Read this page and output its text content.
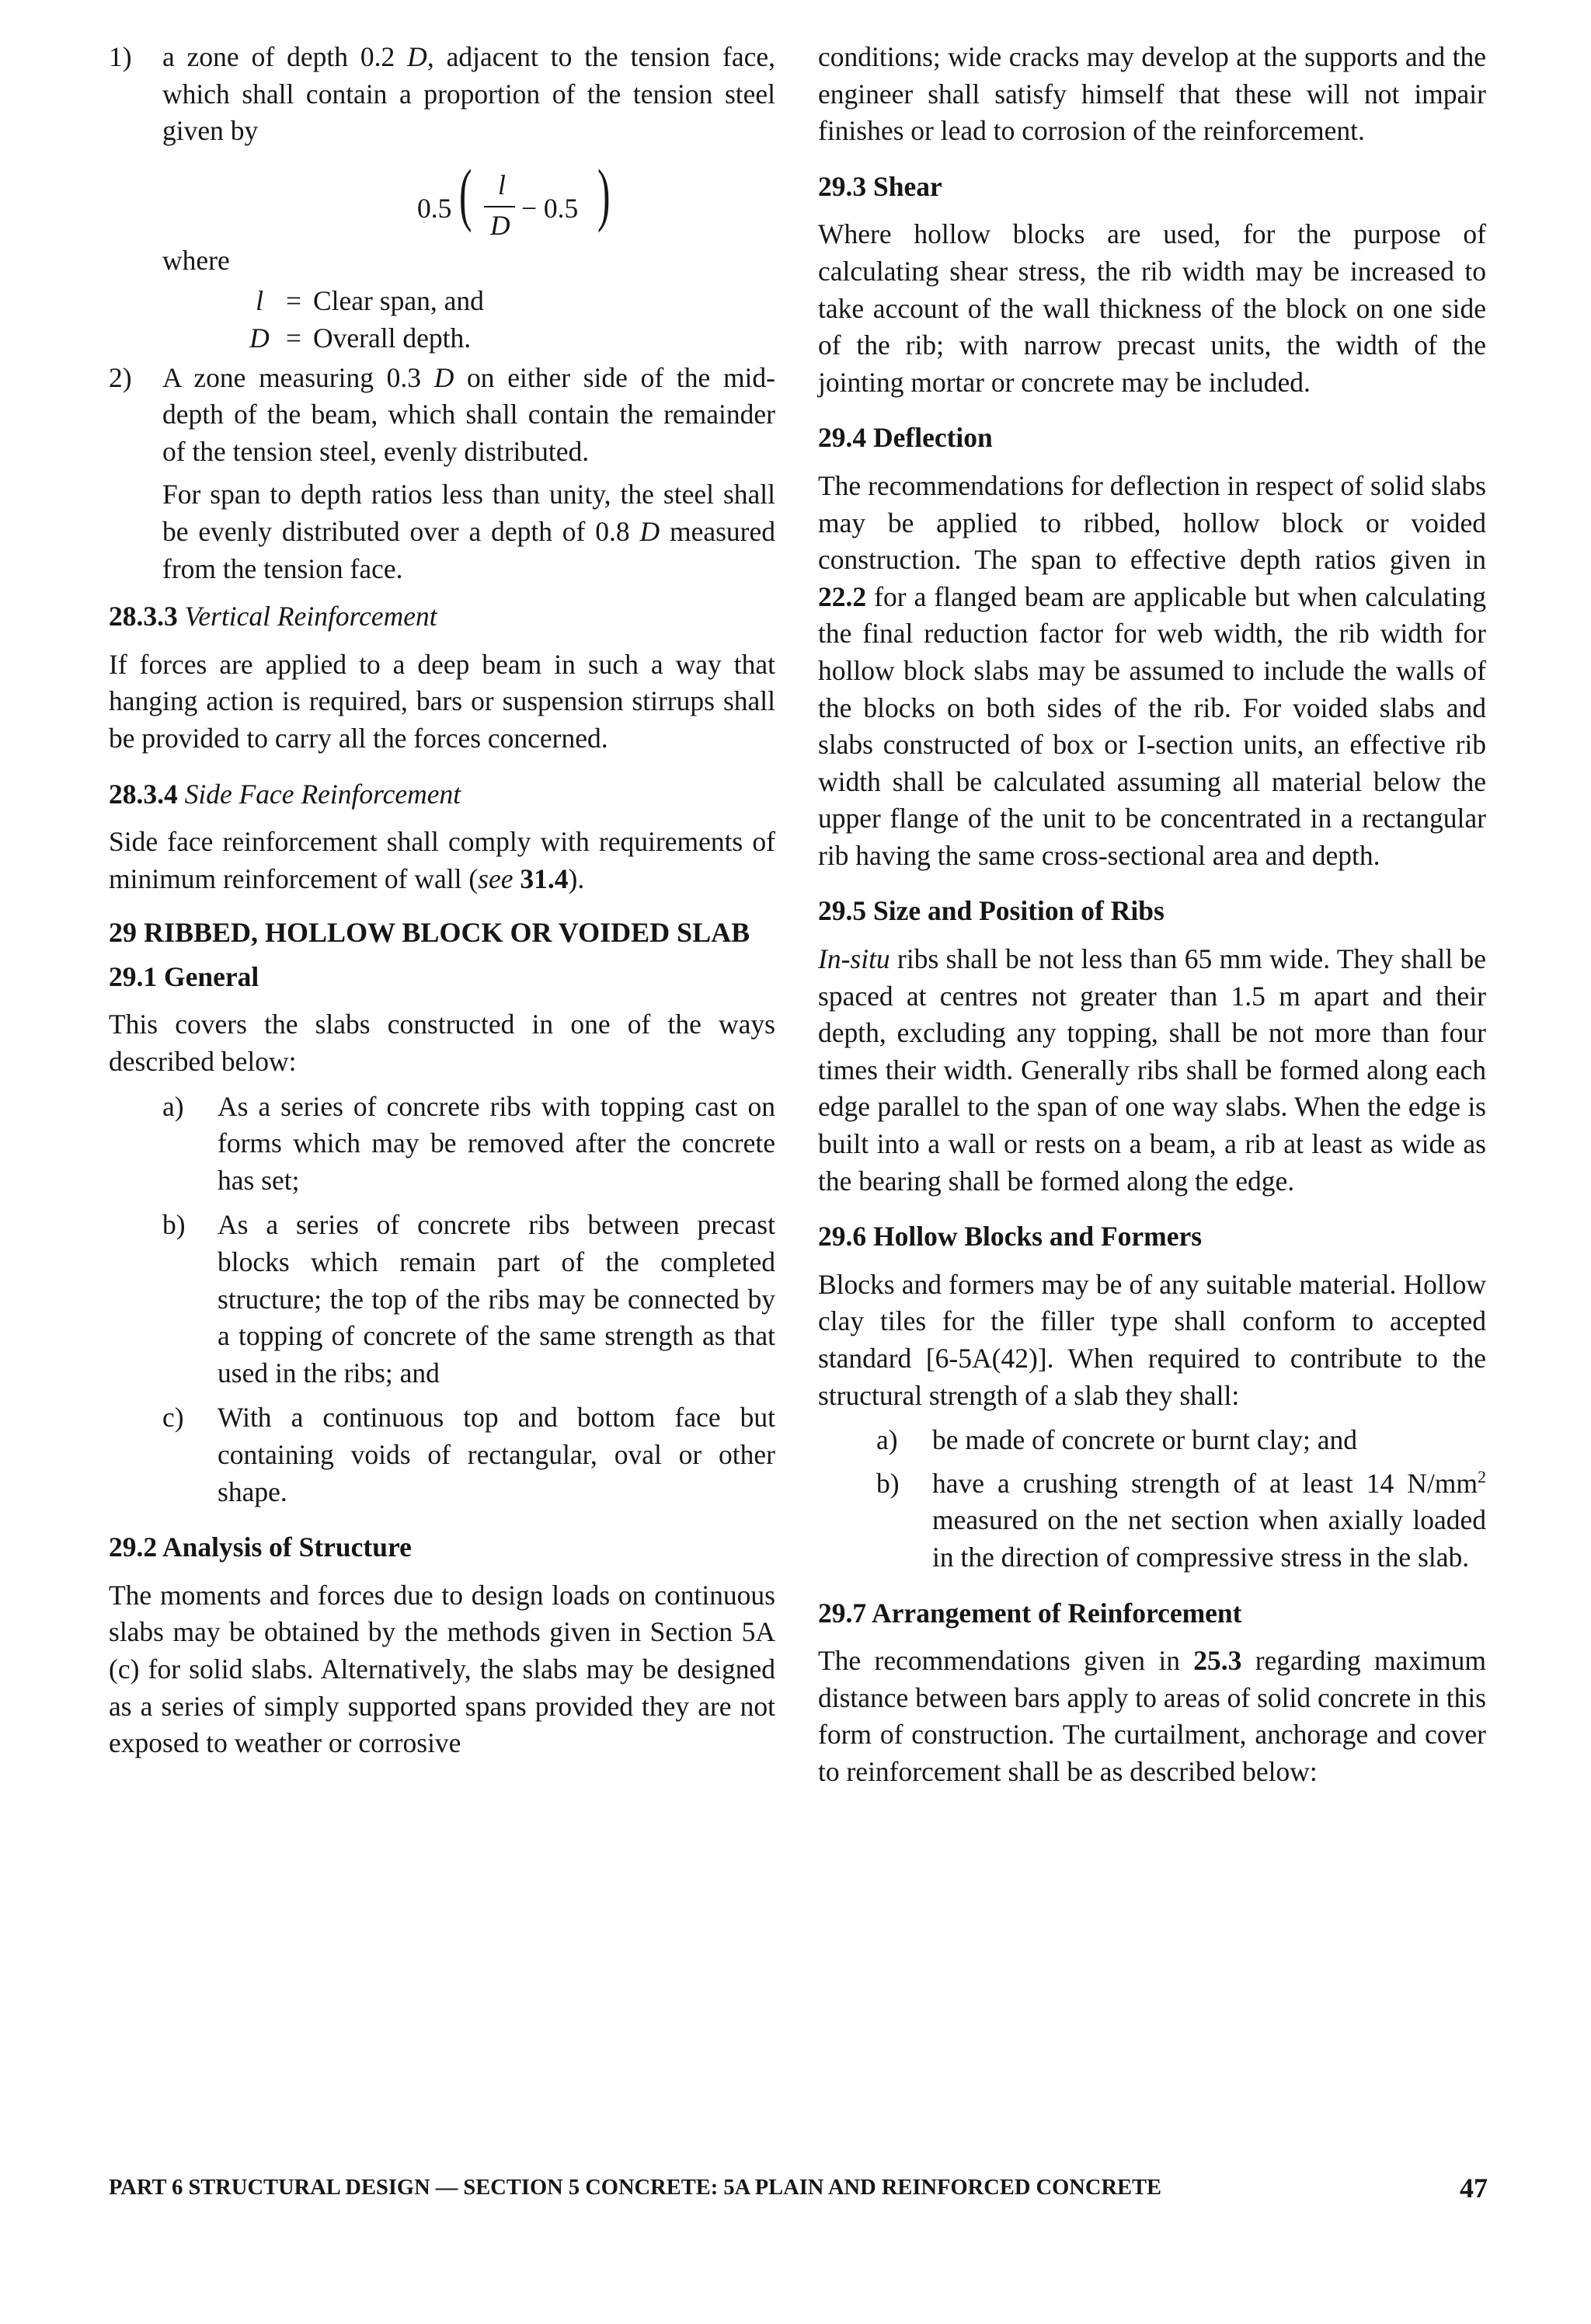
1) a zone of depth 0.2 D, adjacent to the tension face, which shall contain a proportion of the tension steel given by

0.5 ( l
D
− 0.5 )
where
l	=	Clear span, and
D	=	Overall depth.
2) A zone measuring 0.3 D on either side of the mid-depth of the beam, which shall contain the remainder of the tension steel, evenly distributed.

For span to depth ratios less than unity, the steel shall be evenly distributed over a depth of 0.8 D measured from the tension face.

28.3.3 Vertical Reinforcement

If forces are applied to a deep beam in such a way that hanging action is required, bars or suspension stirrups shall be provided to carry all the forces concerned.

28.3.4 Side Face Reinforcement

Side face reinforcement shall comply with requirements of minimum reinforcement of wall (see 31.4).

29 RIBBED, HOLLOW BLOCK OR VOIDED SLAB

29.1 General

This covers the slabs constructed in one of the ways described below:

a) As a series of concrete ribs with topping cast on forms which may be removed after the concrete has set;

b) As a series of concrete ribs between precast blocks which remain part of the completed structure; the top of the ribs may be connected by a topping of concrete of the same strength as that used in the ribs; and

c) With a continuous top and bottom face but containing voids of rectangular, oval or other shape.

29.2 Analysis of Structure

The moments and forces due to design loads on continuous slabs may be obtained by the methods given in Section 5A (c) for solid slabs. Alternatively, the slabs may be designed as a series of simply supported spans provided they are not exposed to weather or corrosive

conditions; wide cracks may develop at the supports and the engineer shall satisfy himself that these will not impair finishes or lead to corrosion of the reinforcement.

29.3 Shear

Where hollow blocks are used, for the purpose of calculating shear stress, the rib width may be increased to take account of the wall thickness of the block on one side of the rib; with narrow precast units, the width of the jointing mortar or concrete may be included.

29.4 Deflection

The recommendations for deflection in respect of solid slabs may be applied to ribbed, hollow block or voided construction. The span to effective depth ratios given in 22.2 for a flanged beam are applicable but when calculating the final reduction factor for web width, the rib width for hollow block slabs may be assumed to include the walls of the blocks on both sides of the rib. For voided slabs and slabs constructed of box or I-section units, an effective rib width shall be calculated assuming all material below the upper flange of the unit to be concentrated in a rectangular rib having the same cross-sectional area and depth.

29.5 Size and Position of Ribs

In-situ ribs shall be not less than 65 mm wide. They shall be spaced at centres not greater than 1.5 m apart and their depth, excluding any topping, shall be not more than four times their width. Generally ribs shall be formed along each edge parallel to the span of one way slabs. When the edge is built into a wall or rests on a beam, a rib at least as wide as the bearing shall be formed along the edge.

29.6 Hollow Blocks and Formers

Blocks and formers may be of any suitable material. Hollow clay tiles for the filler type shall conform to accepted standard [6-5A(42)]. When required to contribute to the structural strength of a slab they shall:

a) be made of concrete or burnt clay; and

b) have a crushing strength of at least 14 $N/mm^2$ measured on the net section when axially loaded in the direction of compressive stress in the slab.

29.7 Arrangement of Reinforcement

The recommendations given in 25.3 regarding maximum distance between bars apply to areas of solid concrete in this form of construction. The curtailment, anchorage and cover to reinforcement shall be as described below:

PART 6 STRUCTURAL DESIGN — SECTION 5 CONCRETE: 5A PLAIN AND REINFORCED CONCRETE	47
